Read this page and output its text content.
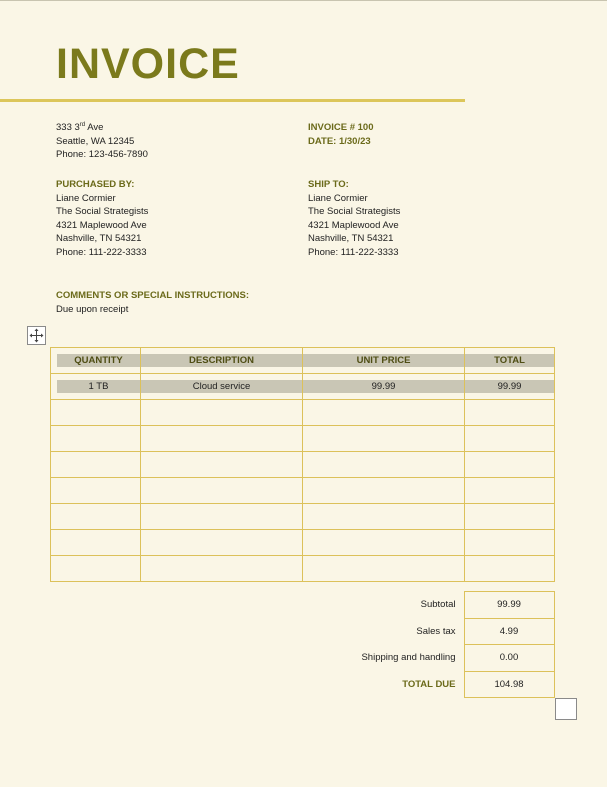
INVOICE
333 3rd Ave
Seattle, WA 12345
Phone: 123-456-7890
INVOICE # 100
DATE: 1/30/23
PURCHASED BY:
Liane Cormier
The Social Strategists
4321 Maplewood Ave
Nashville, TN 54321
Phone: 111-222-3333
SHIP TO:
Liane Cormier
The Social Strategists
4321 Maplewood Ave
Nashville, TN 54321
Phone: 111-222-3333
COMMENTS OR SPECIAL INSTRUCTIONS:
Due upon receipt
QUANTITY	DESCRIPTION	UNIT PRICE	TOTAL

1 TB	Cloud service	99.99	99.99

Subtotal	99.99
Sales tax	4.99
Shipping and handling	0.00
TOTAL DUE	104.98
